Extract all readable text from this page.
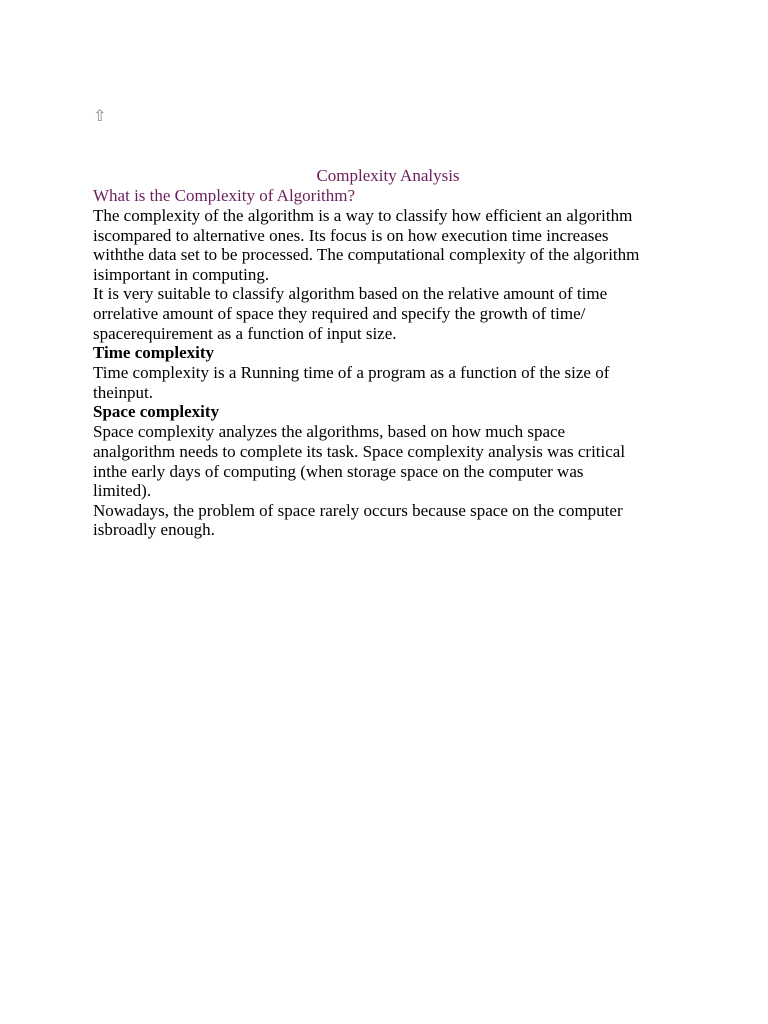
⇧
Complexity Analysis
What is the Complexity of Algorithm?
The complexity of the algorithm is a way to classify how efficient an algorithm
iscompared to alternative ones. Its focus is on how execution time increases
withthe data set to be processed. The computational complexity of the algorithm
isimportant in computing.
It is very suitable to classify algorithm based on the relative amount of time
orrelative amount of space they required and specify the growth of time/
spacerequirement as a function of input size.
Time complexity
Time complexity is a Running time of a program as a function of the size of
theinput.
Space complexity
Space complexity analyzes the algorithms, based on how much space
analgorithm needs to complete its task. Space complexity analysis was critical
inthe early days of computing (when storage space on the computer was
limited).
Nowadays, the problem of space rarely occurs because space on the computer
isbroadly enough.
